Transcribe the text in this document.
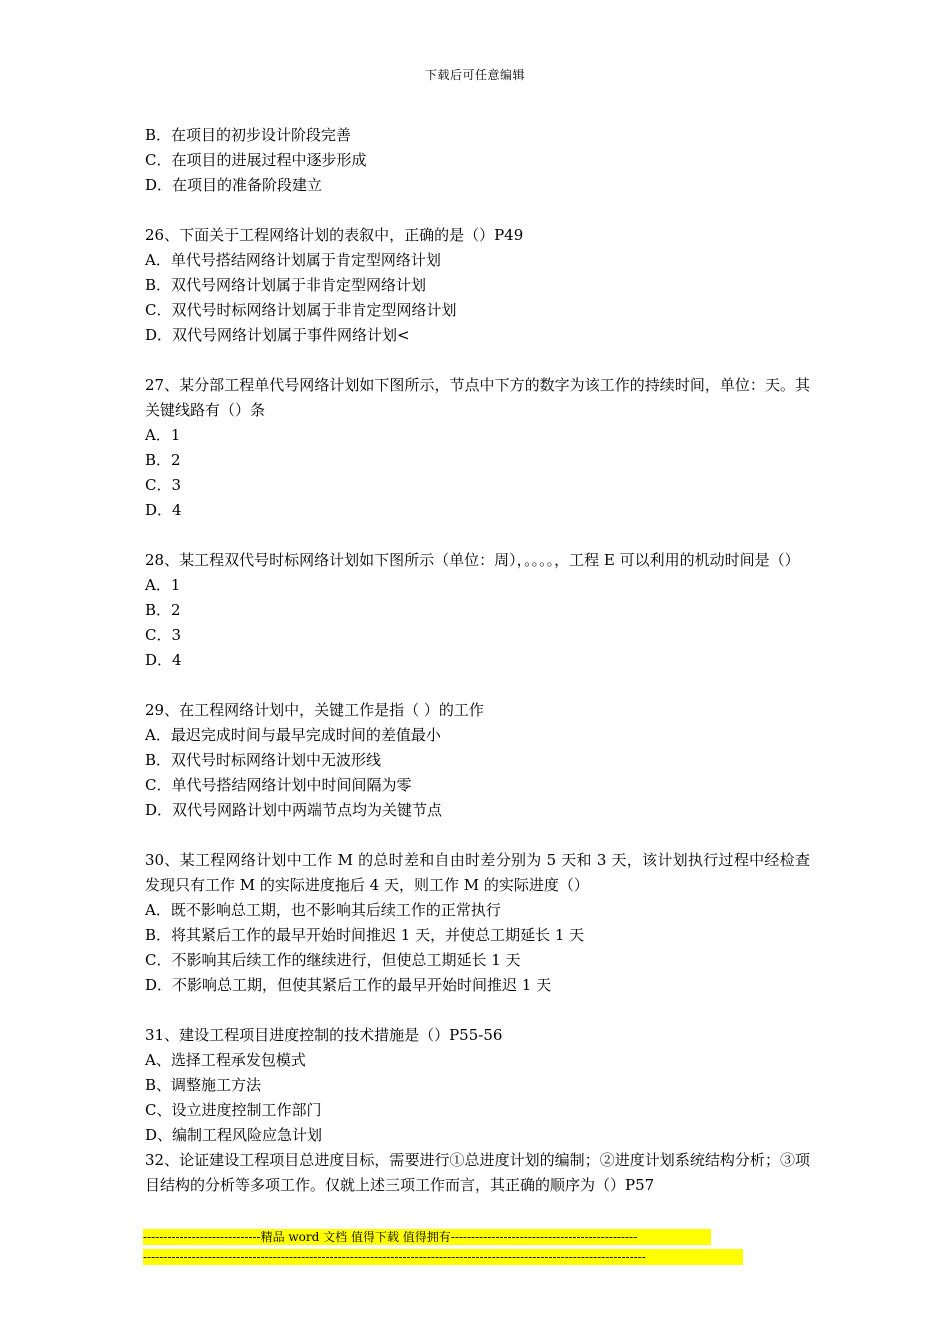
下载后可任意编辑
B．在项目的初步设计阶段完善
C．在项目的进展过程中逐步形成
D．在项目的准备阶段建立
26、下面关于工程网络计划的表叙中，正确的是（）P49
A．单代号搭结网络计划属于肯定型网络计划
B．双代号网络计划属于非肯定型网络计划
C．双代号时标网络计划属于非肯定型网络计划
D．双代号网络计划属于事件网络计划<
27、某分部工程单代号网络计划如下图所示，节点中下方的数字为该工作的持续时间，单位：天。其关键线路有（）条
A．1
B．2
C．3
D．4
28、某工程双代号时标网络计划如下图所示（单位：周），。。。。，工程 E 可以利用的机动时间是（）
A．1
B．2
C．3
D．4
29、在工程网络计划中，关键工作是指（ ）的工作
A．最迟完成时间与最早完成时间的差值最小
B．双代号时标网络计划中无波形线
C．单代号搭结网络计划中时间间隔为零
D．双代号网路计划中两端节点均为关键节点
30、某工程网络计划中工作 M 的总时差和自由时差分别为 5 天和 3 天，该计划执行过程中经检查发现只有工作 M 的实际进度拖后 4 天，则工作 M 的实际进度（）
A．既不影响总工期，也不影响其后续工作的正常执行
B．将其紧后工作的最早开始时间推迟 1 天，并使总工期延长 1 天
C．不影响其后续工作的继续进行，但使总工期延长 1 天
D．不影响总工期，但使其紧后工作的最早开始时间推迟 1 天
31、建设工程项目进度控制的技术措施是（）P55-56
A、选择工程承发包模式
B、调整施工方法
C、设立进度控制工作部门
D、编制工程风险应急计划
32、论证建设工程项目总进度目标，需要进行①总进度计划的编制；②进度计划系统结构分析；③项目结构的分析等多项工作。仅就上述三项工作而言，其正确的顺序为（）P57
-----------------------------精品 word 文档 值得下载 值得拥有----------------------------------------------
----------------------------------------------------------------------------------------------------------------------------
